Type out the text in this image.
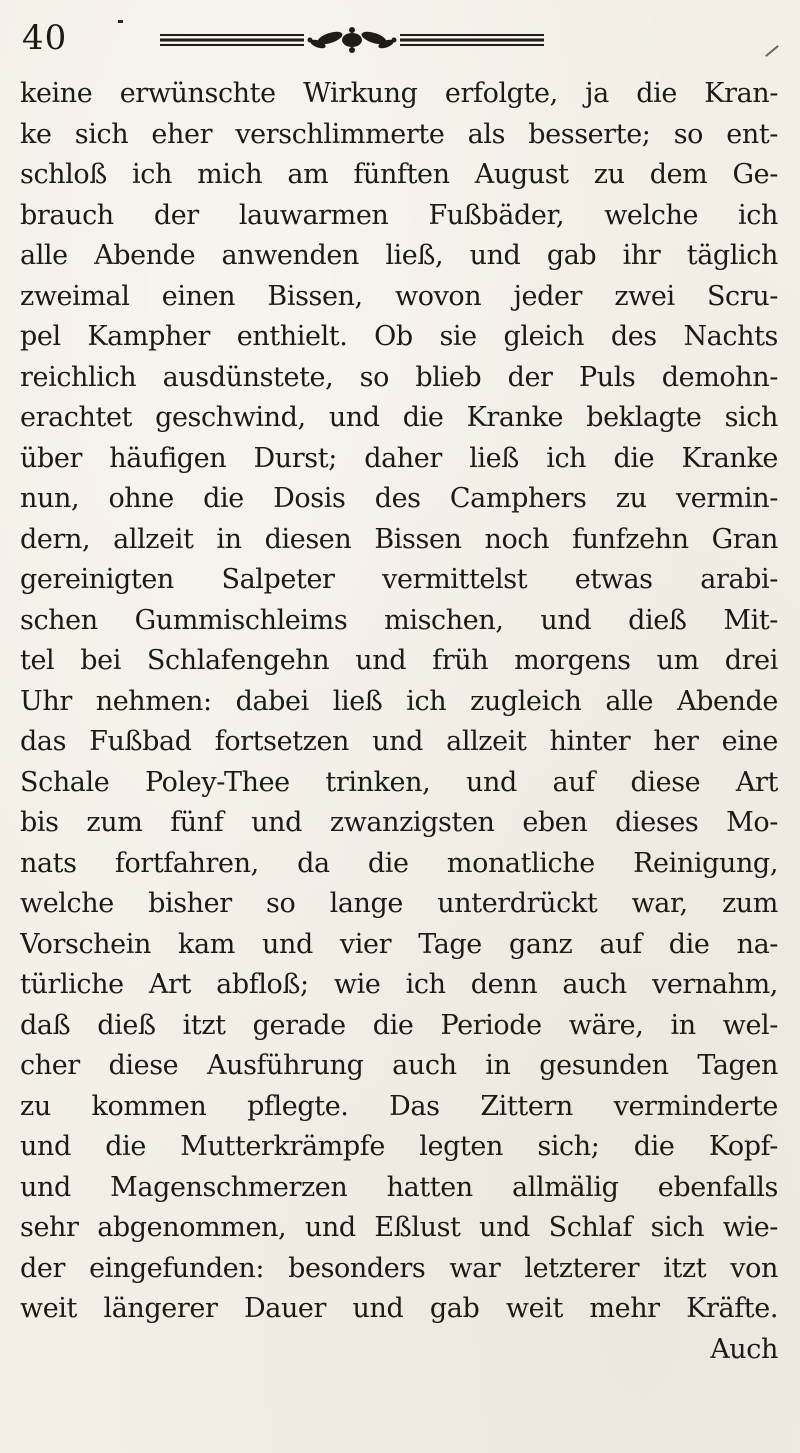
40
keine erwünschte Wirkung erfolgte, ja die Kran-
ke sich eher verschlimmerte als besserte; so ent-
schloß ich mich am fünften August zu dem Ge-
brauch der lauwarmen Fußbäder, welche ich
alle Abende anwenden ließ, und gab ihr täglich
zweimal einen Bissen, wovon jeder zwei Scru-
pel Kampher enthielt. Ob sie gleich des Nachts
reichlich ausdünstete, so blieb der Puls demohn-
erachtet geschwind, und die Kranke beklagte sich
über häufigen Durst; daher ließ ich die Kranke
nun, ohne die Dosis des Camphers zu vermin-
dern, allzeit in diesen Bissen noch funfzehn Gran
gereinigten Salpeter vermittelst etwas arabi-
schen Gummischleims mischen, und dieß Mit-
tel bei Schlafengehn und früh morgens um drei
Uhr nehmen: dabei ließ ich zugleich alle Abende
das Fußbad fortsetzen und allzeit hinter her eine
Schale Poley-Thee trinken, und auf diese Art
bis zum fünf und zwanzigsten eben dieses Mo-
nats fortfahren, da die monatliche Reinigung,
welche bisher so lange unterdrückt war, zum
Vorschein kam und vier Tage ganz auf die na-
türliche Art abfloß; wie ich denn auch vernahm,
daß dieß itzt gerade die Periode wäre, in wel-
cher diese Ausführung auch in gesunden Tagen
zu kommen pflegte. Das Zittern verminderte
und die Mutterkrämpfe legten sich; die Kopf-
und Magenschmerzen hatten allmälig ebenfalls
sehr abgenommen, und Eßlust und Schlaf sich wie-
der eingefunden: besonders war letzterer itzt von
weit längerer Dauer und gab weit mehr Kräfte.
Auch
